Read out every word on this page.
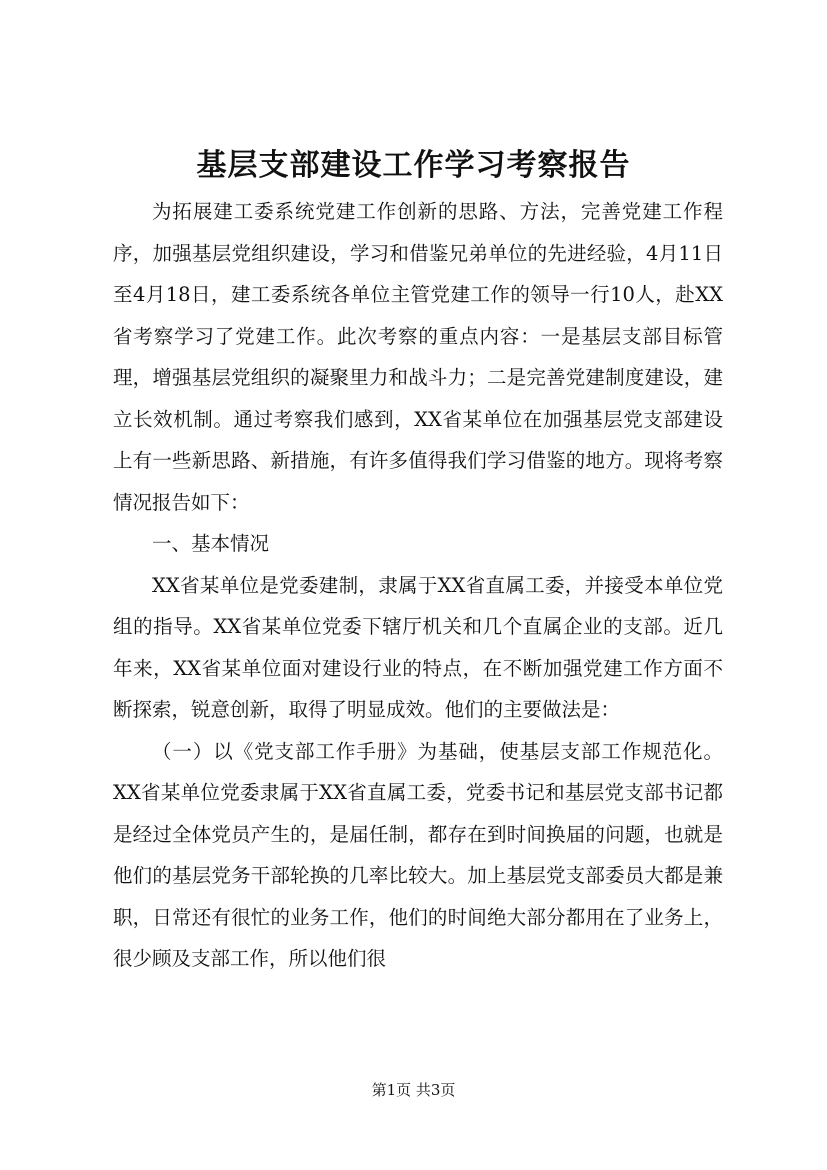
基层支部建设工作学习考察报告

为拓展建工委系统党建工作创新的思路、方法，完善党建工作程序，加强基层党组织建设，学习和借鉴兄弟单位的先进经验，4月11日至4月18日，建工委系统各单位主管党建工作的领导一行10人，赴XX省考察学习了党建工作。此次考察的重点内容：一是基层支部目标管理，增强基层党组织的凝聚里力和战斗力；二是完善党建制度建设，建立长效机制。通过考察我们感到，XX省某单位在加强基层党支部建设上有一些新思路、新措施，有许多值得我们学习借鉴的地方。现将考察情况报告如下：

一、基本情况

XX省某单位是党委建制，隶属于XX省直属工委，并接受本单位党组的指导。XX省某单位党委下辖厅机关和几个直属企业的支部。近几年来，XX省某单位面对建设行业的特点，在不断加强党建工作方面不断探索，锐意创新，取得了明显成效。他们的主要做法是：

（一）以《党支部工作手册》为基础，使基层支部工作规范化。XX省某单位党委隶属于XX省直属工委，党委书记和基层党支部书记都是经过全体党员产生的，是届任制，都存在到时间换届的问题，也就是他们的基层党务干部轮换的几率比较大。加上基层党支部委员大都是兼职，日常还有很忙的业务工作，他们的时间绝大部分都用在了业务上，很少顾及支部工作，所以他们很

第1页 共3页
